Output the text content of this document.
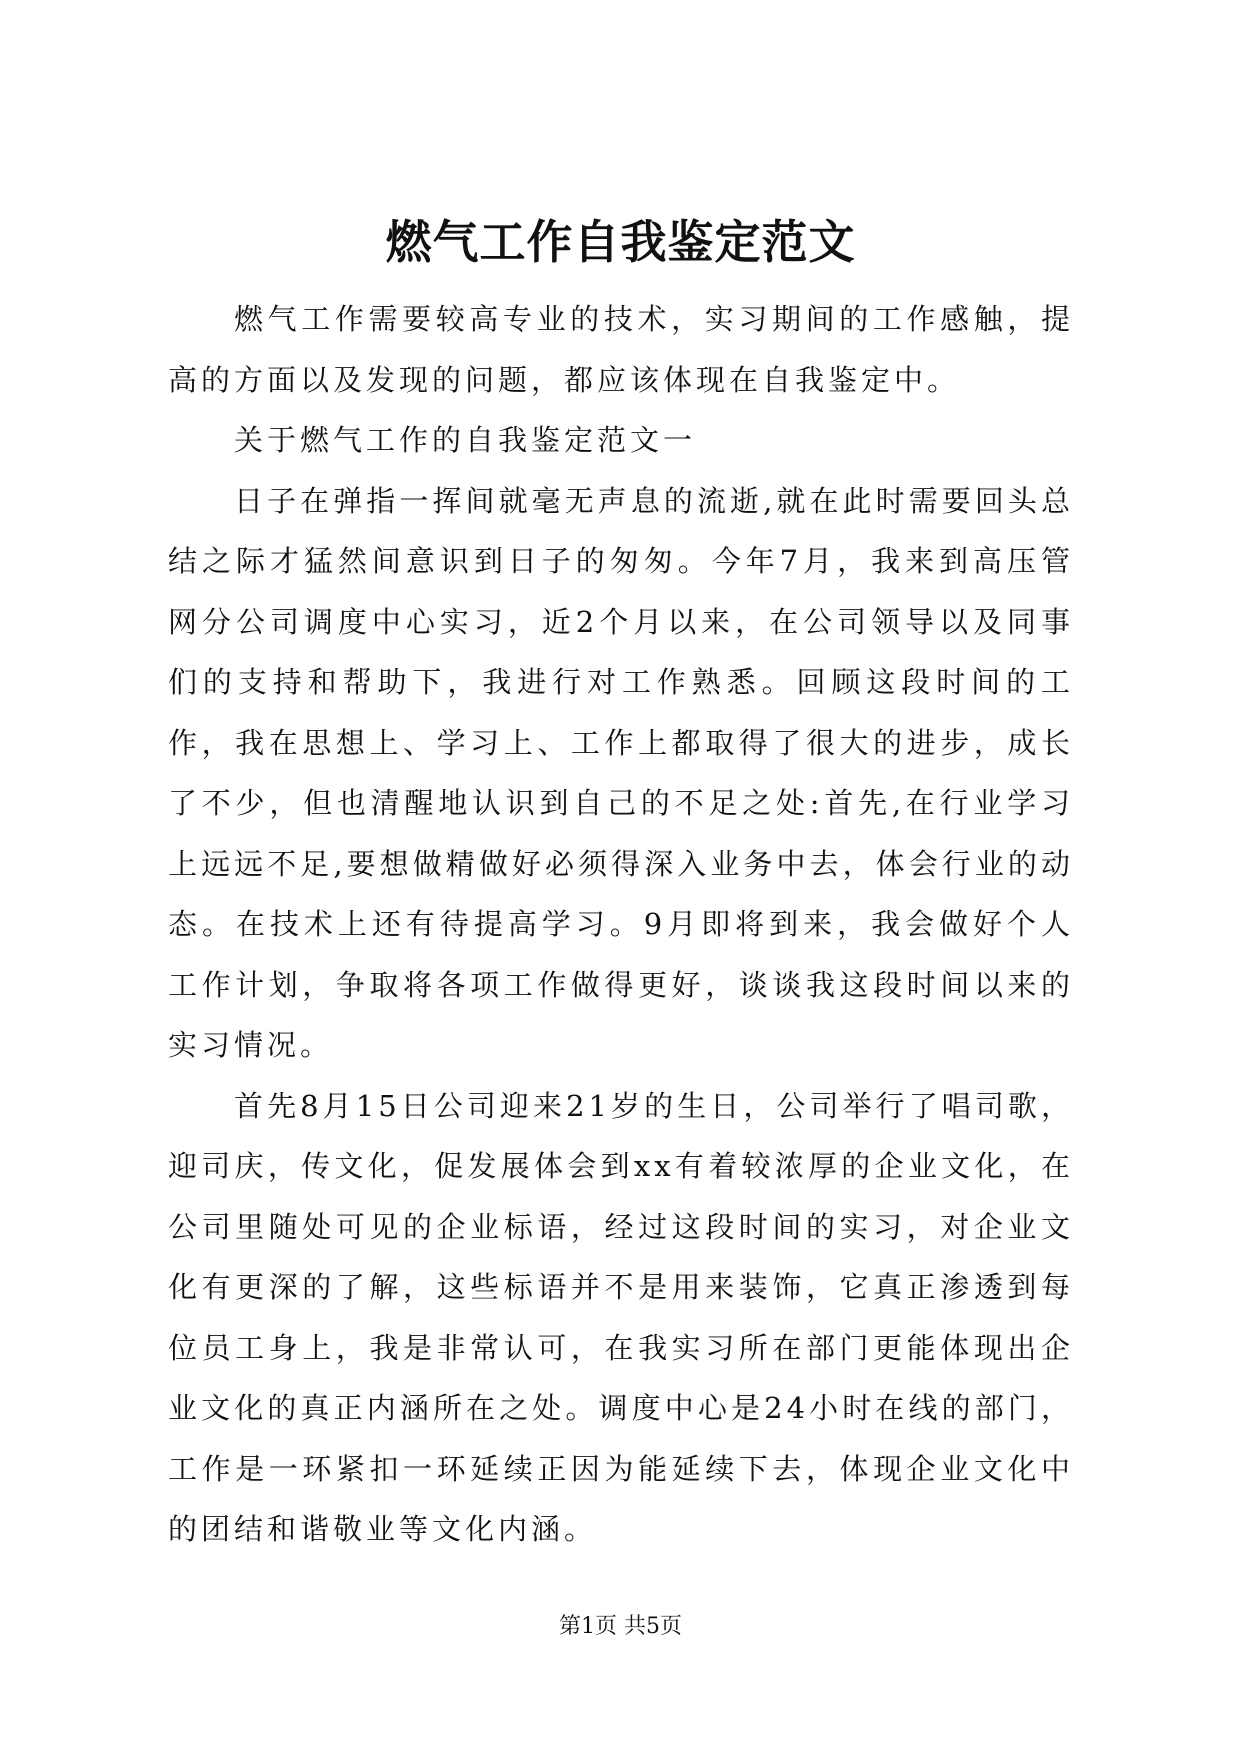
燃气工作自我鉴定范文

燃气工作需要较高专业的技术，实习期间的工作感触，提高的方面以及发现的问题，都应该体现在自我鉴定中。

关于燃气工作的自我鉴定范文一

日子在弹指一挥间就毫无声息的流逝,就在此时需要回头总结之际才猛然间意识到日子的匆匆。今年7月，我来到高压管网分公司调度中心实习，近2个月以来，在公司领导以及同事们的支持和帮助下，我进行对工作熟悉。回顾这段时间的工作，我在思想上、学习上、工作上都取得了很大的进步，成长了不少，但也清醒地认识到自己的不足之处:首先,在行业学习上远远不足,要想做精做好必须得深入业务中去，体会行业的动态。在技术上还有待提高学习。9月即将到来，我会做好个人工作计划，争取将各项工作做得更好，谈谈我这段时间以来的实习情况。

首先8月15日公司迎来21岁的生日，公司举行了唱司歌，迎司庆，传文化，促发展体会到xx有着较浓厚的企业文化，在公司里随处可见的企业标语，经过这段时间的实习，对企业文化有更深的了解，这些标语并不是用来装饰，它真正渗透到每位员工身上，我是非常认可，在我实习所在部门更能体现出企业文化的真正内涵所在之处。调度中心是24小时在线的部门，工作是一环紧扣一环延续正因为能延续下去，体现企业文化中的团结和谐敬业等文化内涵。

第1页 共5页
